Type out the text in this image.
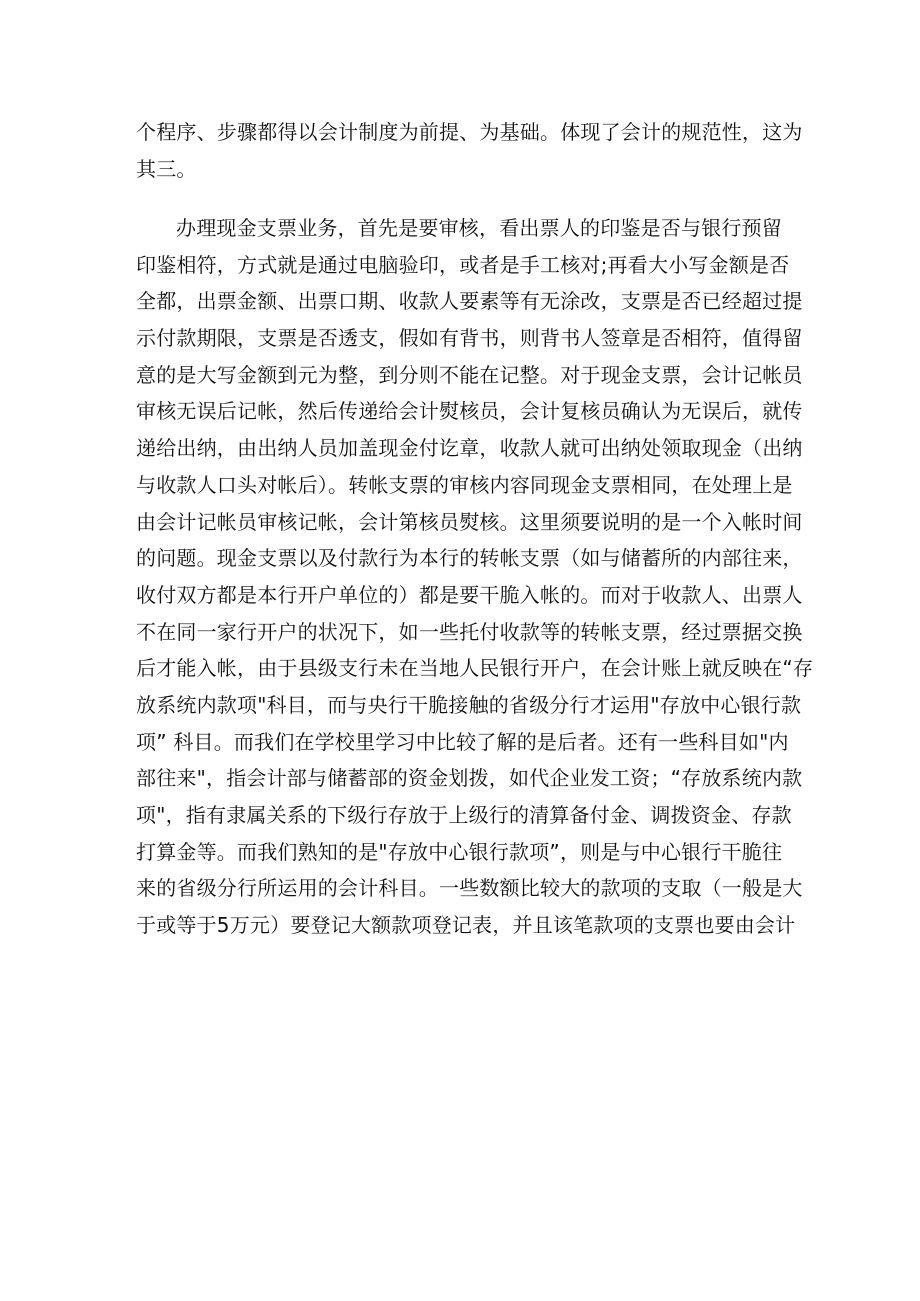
个程序、步骤都得以会计制度为前提、为基础。体现了会计的规范性，这为
其三。
办理现金支票业务，首先是要审核，看出票人的印鉴是否与银行预留
印鉴相符，方式就是通过电脑验印，或者是手工核对;再看大小写金额是否
全都，出票金额、出票口期、收款人要素等有无涂改，支票是否已经超过提
示付款期限，支票是否透支，假如有背书，则背书人签章是否相符，值得留
意的是大写金额到元为整，到分则不能在记整。对于现金支票，会计记帐员
审核无误后记帐，然后传递给会计熨核员，会计复核员确认为无误后，就传
递给出纳，由出纳人员加盖现金付讫章，收款人就可出纳处领取现金（出纳
与收款人口头对帐后）。转帐支票的审核内容同现金支票相同，在处理上是
由会计记帐员审核记帐，会计第核员熨核。这里须要说明的是一个入帐时间
的问题。现金支票以及付款行为本行的转帐支票（如与储蓄所的内部往来，
收付双方都是本行开户单位的）都是要干脆入帐的。而对于收款人、出票人
不在同一家行开户的状况下，如一些托付收款等的转帐支票，经过票据交换
后才能入帐，由于县级支行未在当地人民银行开户，在会计账上就反映在“存
放系统内款项"科目，而与央行干脆接触的省级分行才运用"存放中心银行款
项” 科目。而我们在学校里学习中比较了解的是后者。还有一些科目如"内
部往来"，指会计部与储蓄部的资金划拨，如代企业发工资；“存放系统内款
项"，指有隶属关系的下级行存放于上级行的清算备付金、调拨资金、存款
打算金等。而我们熟知的是"存放中心银行款项”，则是与中心银行干脆往
来的省级分行所运用的会计科目。一些数额比较大的款项的支取（一般是大
于或等于5万元）要登记大额款项登记表，并且该笔款项的支票也要由会计
